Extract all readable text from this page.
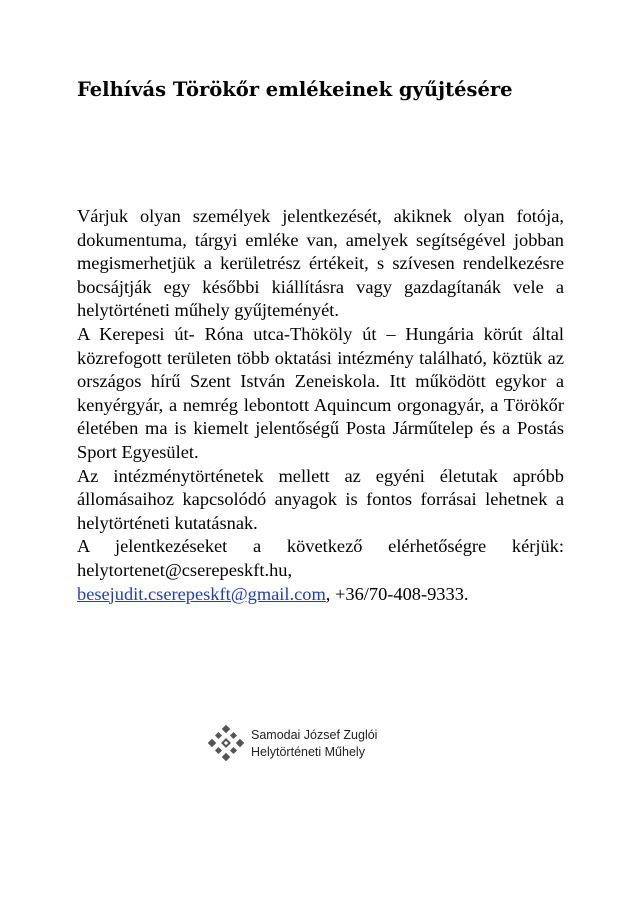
Felhívás Törökőr emlékeinek gyűjtésére

Várjuk olyan személyek jelentkezését, akiknek olyan fotója, dokumentuma, tárgyi emléke van, amelyek segítségével jobban megismerhetjük a kerületrész értékeit, s szívesen rendelkezésre bocsájtják egy későbbi kiállításra vagy gazdagítanák vele a helytörténeti műhely gyűjteményét.

A Kerepesi út- Róna utca-Thököly út – Hungária körút által közrefogott területen több oktatási intézmény található, köztük az országos hírű Szent István Zeneiskola. Itt működött egykor a kenyérgyár, a nemrég lebontott Aquincum orgonagyár, a Törökőr életében ma is kiemelt jelentőségű Posta Járműtelep és a Postás Sport Egyesület.

Az intézménytörténetek mellett az egyéni életutak apróbb állomásaihoz kapcsolódó anyagok is fontos forrásai lehetnek a helytörténeti kutatásnak.

A jelentkezéseket a következő elérhetőségre kérjük: helytortenet@cserepeskft.hu,
besejudit.cserepeskft@gmail.com, +36/70-408-9333.

Samodai József Zuglói
Helytörténeti Műhely
